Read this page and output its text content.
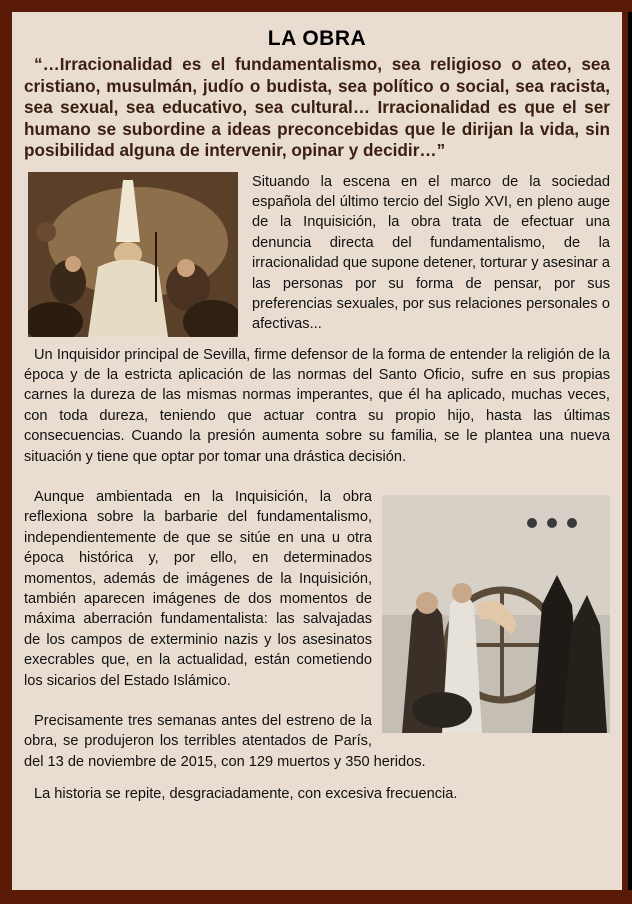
LA OBRA

“…Irracionalidad es el fundamentalismo, sea religioso o ateo, sea cristiano, musulmán, judío o budista, sea político o social, sea racista, sea sexual, sea educativo, sea cultural… Irracionalidad es que el ser humano se subordine a ideas preconcebidas que le dirijan la vida, sin posibilidad alguna de intervenir, opinar y decidir…”

Situando la escena en el marco de la sociedad española del último tercio del Siglo XVI, en pleno auge de la Inquisición, la obra trata de efectuar una denuncia directa del fundamentalismo, de la irracionalidad que supone detener, torturar y asesinar a las personas por su forma de pensar, por sus preferencias sexuales, por sus relaciones personales o afectivas...

Un Inquisidor principal de Sevilla, firme defensor de la forma de entender la religión de la época y de la estricta aplicación de las normas del Santo Oficio, sufre en sus propias carnes la dureza de las mismas normas imperantes, que él ha aplicado, muchas veces, con toda dureza, teniendo que actuar contra su propio hijo, hasta las últimas consecuencias. Cuando la presión aumenta sobre su familia, se le plantea una nueva situación y tiene que optar por tomar una drástica decisión.

Aunque ambientada en la Inquisición, la obra reflexiona sobre la barbarie del fundamentalismo, independientemente de que se sitúe en una u otra época histórica y, por ello, en determinados momentos, además de imágenes de la Inquisición, también aparecen imágenes de dos momentos de máxima aberración fundamentalista: las salvajadas de los campos de exterminio nazis y los asesinatos execrables que, en la actualidad, están cometiendo los sicarios del Estado Islámico.

Precisamente tres semanas antes del estreno de la obra, se produjeron los terribles atentados de París, del 13 de noviembre de 2015, con 129 muertos y 350 heridos.

La historia se repite, desgraciadamente, con excesiva frecuencia.
